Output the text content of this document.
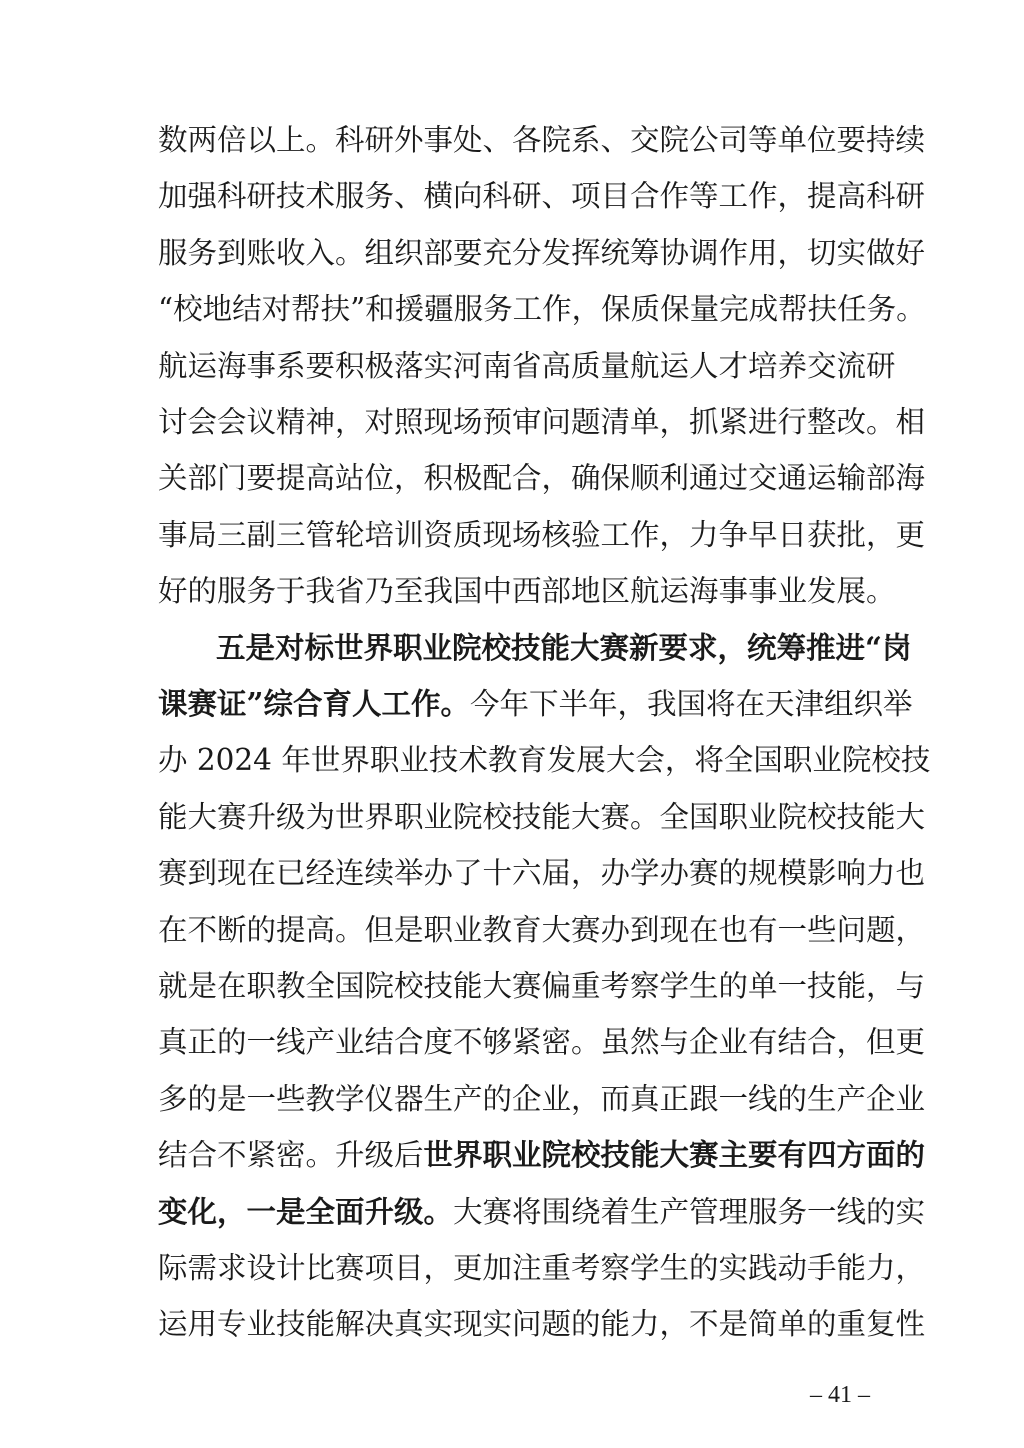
数两倍以上。科研外事处、各院系、交院公司等单位要持续
加强科研技术服务、横向科研、项目合作等工作，提高科研
服务到账收入。组织部要充分发挥统筹协调作用，切实做好
“校地结对帮扶”和援疆服务工作，保质保量完成帮扶任务。
航运海事系要积极落实河南省高质量航运人才培养交流研
讨会会议精神，对照现场预审问题清单，抓紧进行整改。相
关部门要提高站位，积极配合，确保顺利通过交通运输部海
事局三副三管轮培训资质现场核验工作，力争早日获批，更
好的服务于我省乃至我国中西部地区航运海事事业发展。
五是对标世界职业院校技能大赛新要求，统筹推进“岗
课赛证”综合育人工作。今年下半年，我国将在天津组织举
办 2024 年世界职业技术教育发展大会，将全国职业院校技
能大赛升级为世界职业院校技能大赛。全国职业院校技能大
赛到现在已经连续举办了十六届，办学办赛的规模影响力也
在不断的提高。但是职业教育大赛办到现在也有一些问题，
就是在职教全国院校技能大赛偏重考察学生的单一技能，与
真正的一线产业结合度不够紧密。虽然与企业有结合，但更
多的是一些教学仪器生产的企业，而真正跟一线的生产企业
结合不紧密。升级后世界职业院校技能大赛主要有四方面的
变化，一是全面升级。大赛将围绕着生产管理服务一线的实
际需求设计比赛项目，更加注重考察学生的实践动手能力，
运用专业技能解决真实现实问题的能力，不是简单的重复性
– 41 –
